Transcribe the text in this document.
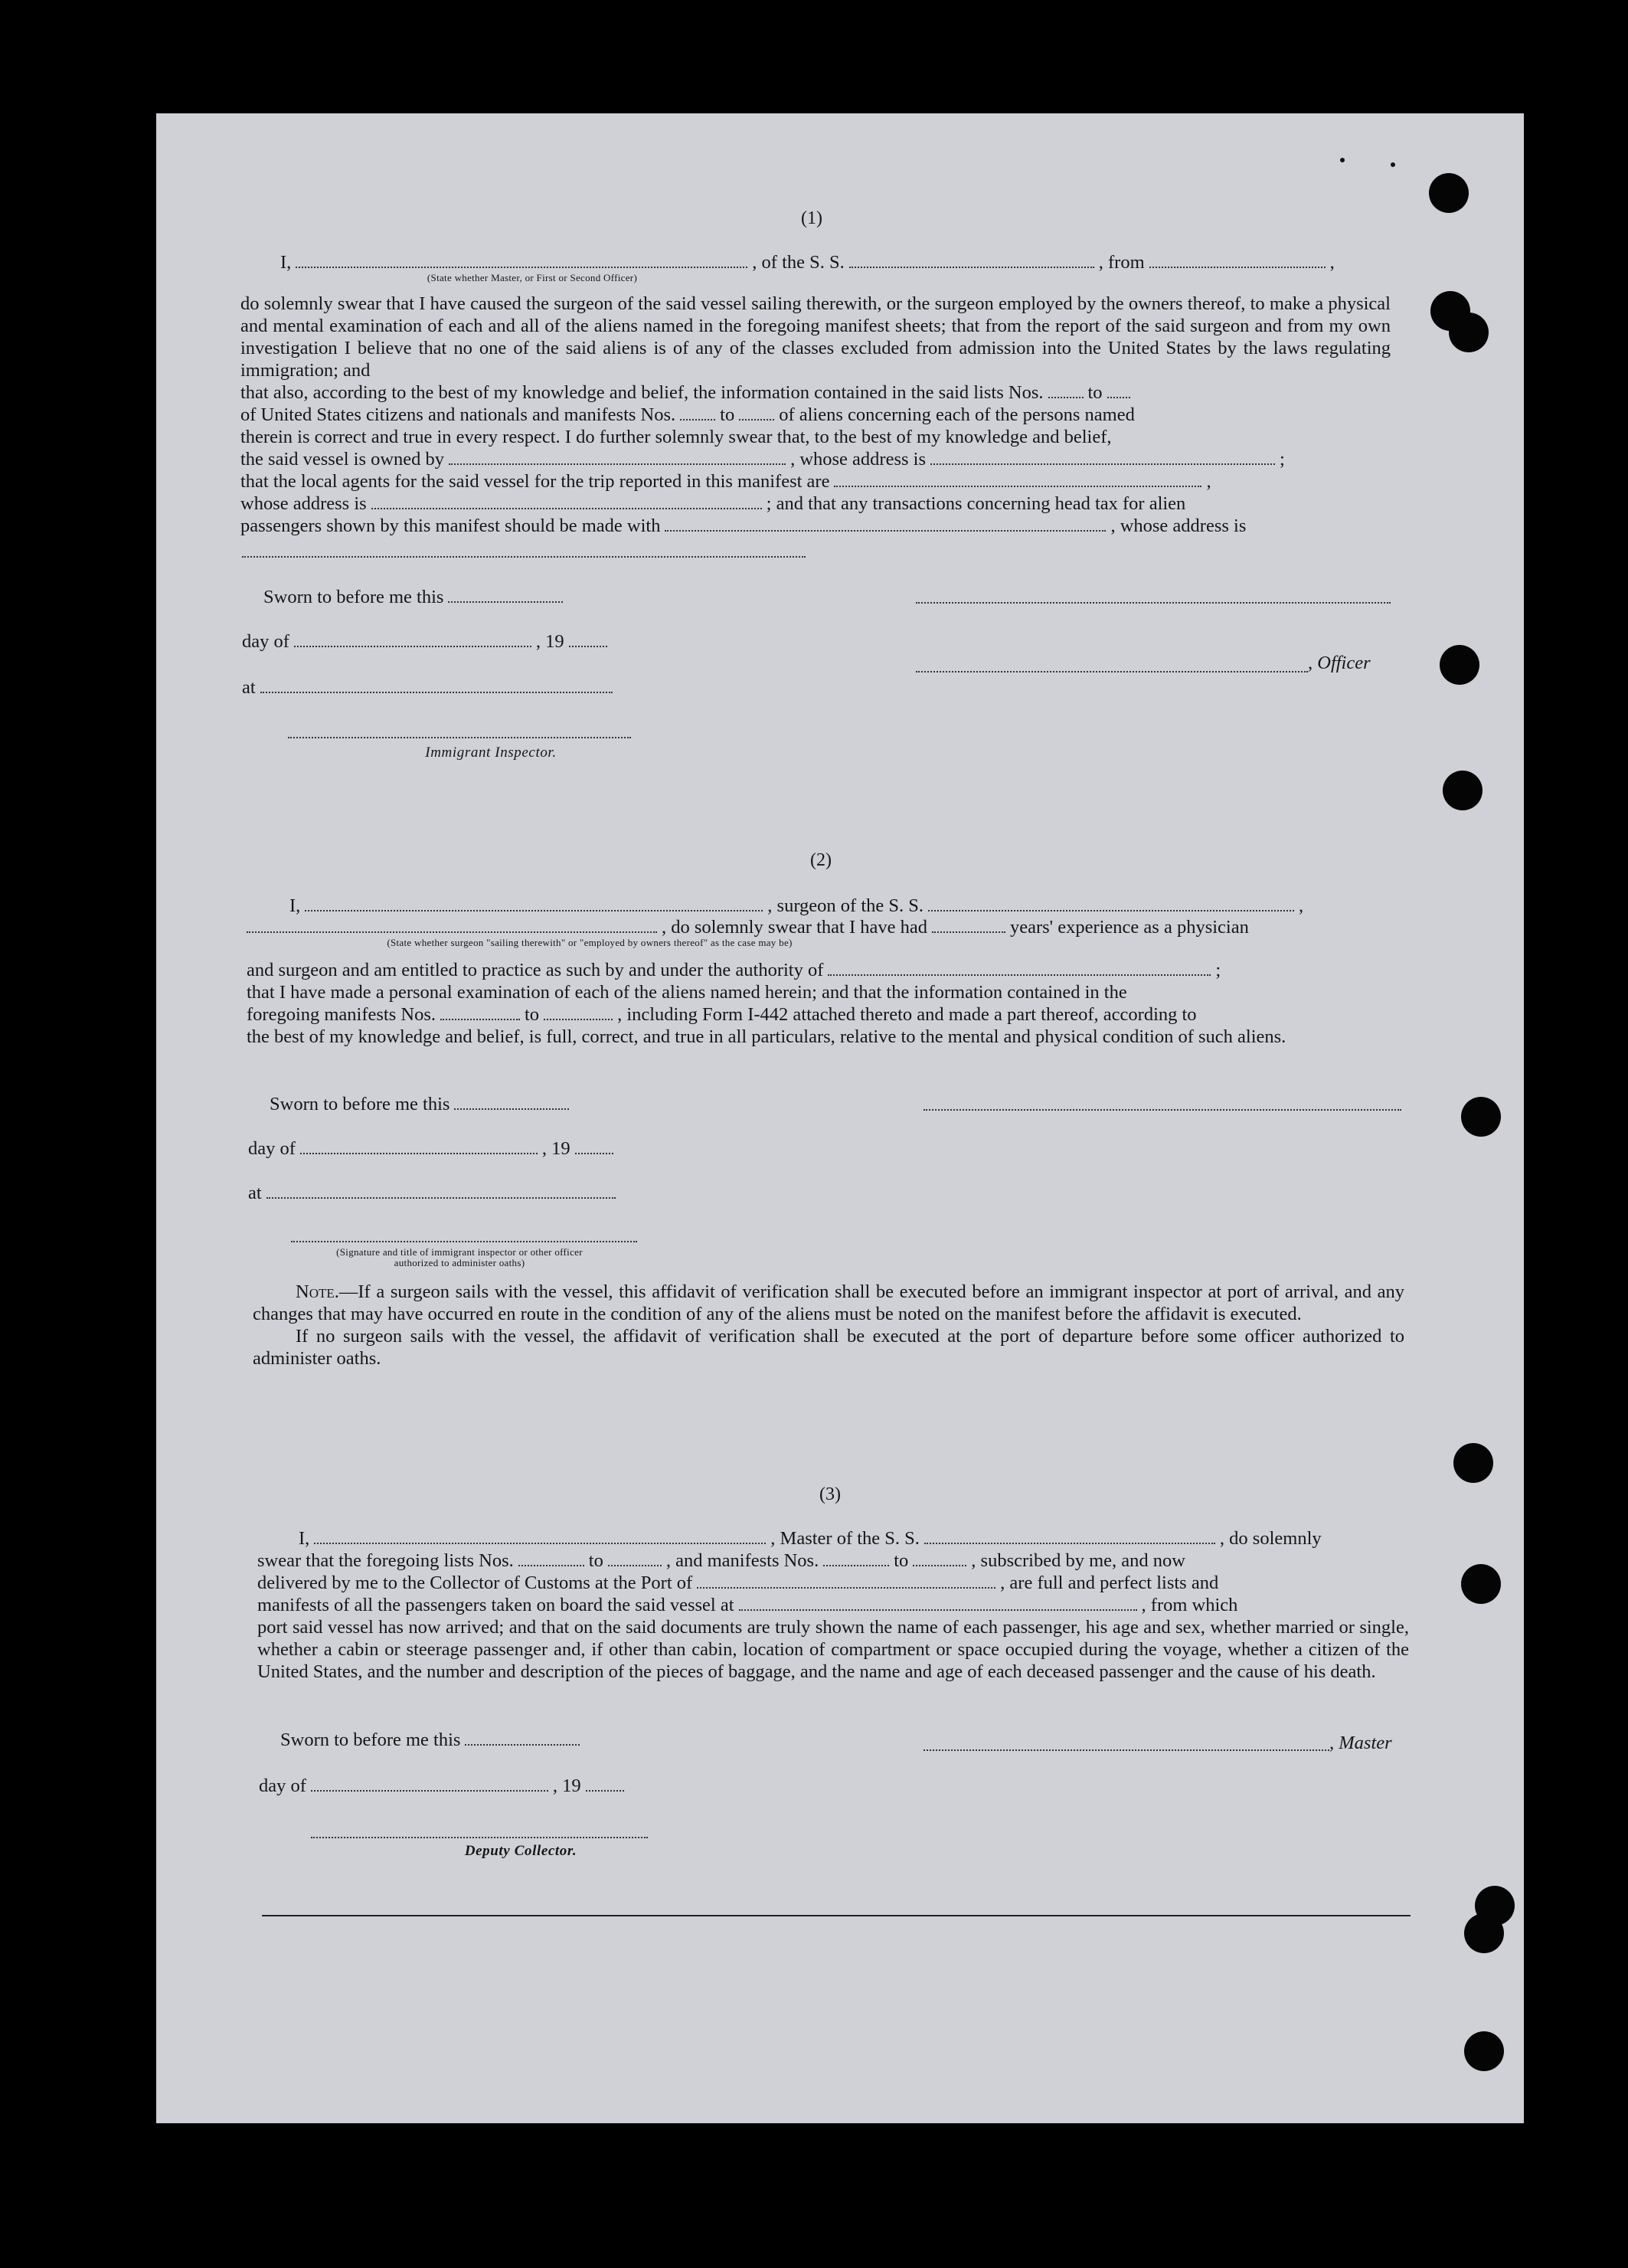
(1)
I,	, of the S. S.	, from	,
(State whether Master, or First or Second Officer)

do solemnly swear that I have caused the surgeon of the said vessel sailing therewith, or the surgeon employed by the owners thereof, to make a physical and mental examination of each and all of the aliens named in the foregoing manifest sheets; that from the report of the said surgeon and from my own investigation I believe that no one of the said aliens is of any of the classes excluded from admission into the United States by the laws regulating immigration; and

that also, according to the best of my knowledge and belief, the information contained in the said lists Nos. to

of United States citizens and nationals and manifests Nos. to of aliens concerning each of the persons named

therein is correct and true in every respect. I do further solemnly swear that, to the best of my knowledge and belief,

the said vessel is owned by	, whose address is	;

that the local agents for the said vessel for the trip reported in this manifest are	,

whose address is	; and that any transactions concerning head tax for alien

passengers shown by this manifest should be made with	, whose address is

Sworn to before me this
day of	, 19
, Officer
at
Immigrant Inspector.
(2)
I,	, surgeon of the S. S.	,
, do solemnly swear that I have had	years' experience as a physician
(State whether surgeon "sailing therewith" or "employed by owners thereof" as the case may be)

and surgeon and am entitled to practice as such by and under the authority of	;

that I have made a personal examination of each of the aliens named herein; and that the information contained in the

foregoing manifests Nos.	to	, including Form I-442 attached thereto and made a part thereof, according to

the best of my knowledge and belief, is full, correct, and true in all particulars, relative to the mental and physical condition of such aliens.

Sworn to before me this
day of	, 19
at
(Signature and title of immigrant inspector or other officer authorized to administer oaths)

Note.—If a surgeon sails with the vessel, this affidavit of verification shall be executed before an immigrant inspector at port of arrival, and any changes that may have occurred en route in the condition of any of the aliens must be noted on the manifest before the affidavit is executed.

If no surgeon sails with the vessel, the affidavit of verification shall be executed at the port of departure before some officer authorized to administer oaths.

(3)

I,	, Master of the S. S.	, do solemnly

swear that the foregoing lists Nos.	to	, and manifests Nos.	to	, subscribed by me, and now

delivered by me to the Collector of Customs at the Port of	, are full and perfect lists and

manifests of all the passengers taken on board the said vessel at	, from which

port said vessel has now arrived; and that on the said documents are truly shown the name of each passenger, his age and sex, whether married or single, whether a cabin or steerage passenger and, if other than cabin, location of compartment or space occupied during the voyage, whether a citizen of the United States, and the number and description of the pieces of baggage, and the name and age of each deceased passenger and the cause of his death.

Sworn to before me this	, Master
day of	, 19
Deputy Collector.
